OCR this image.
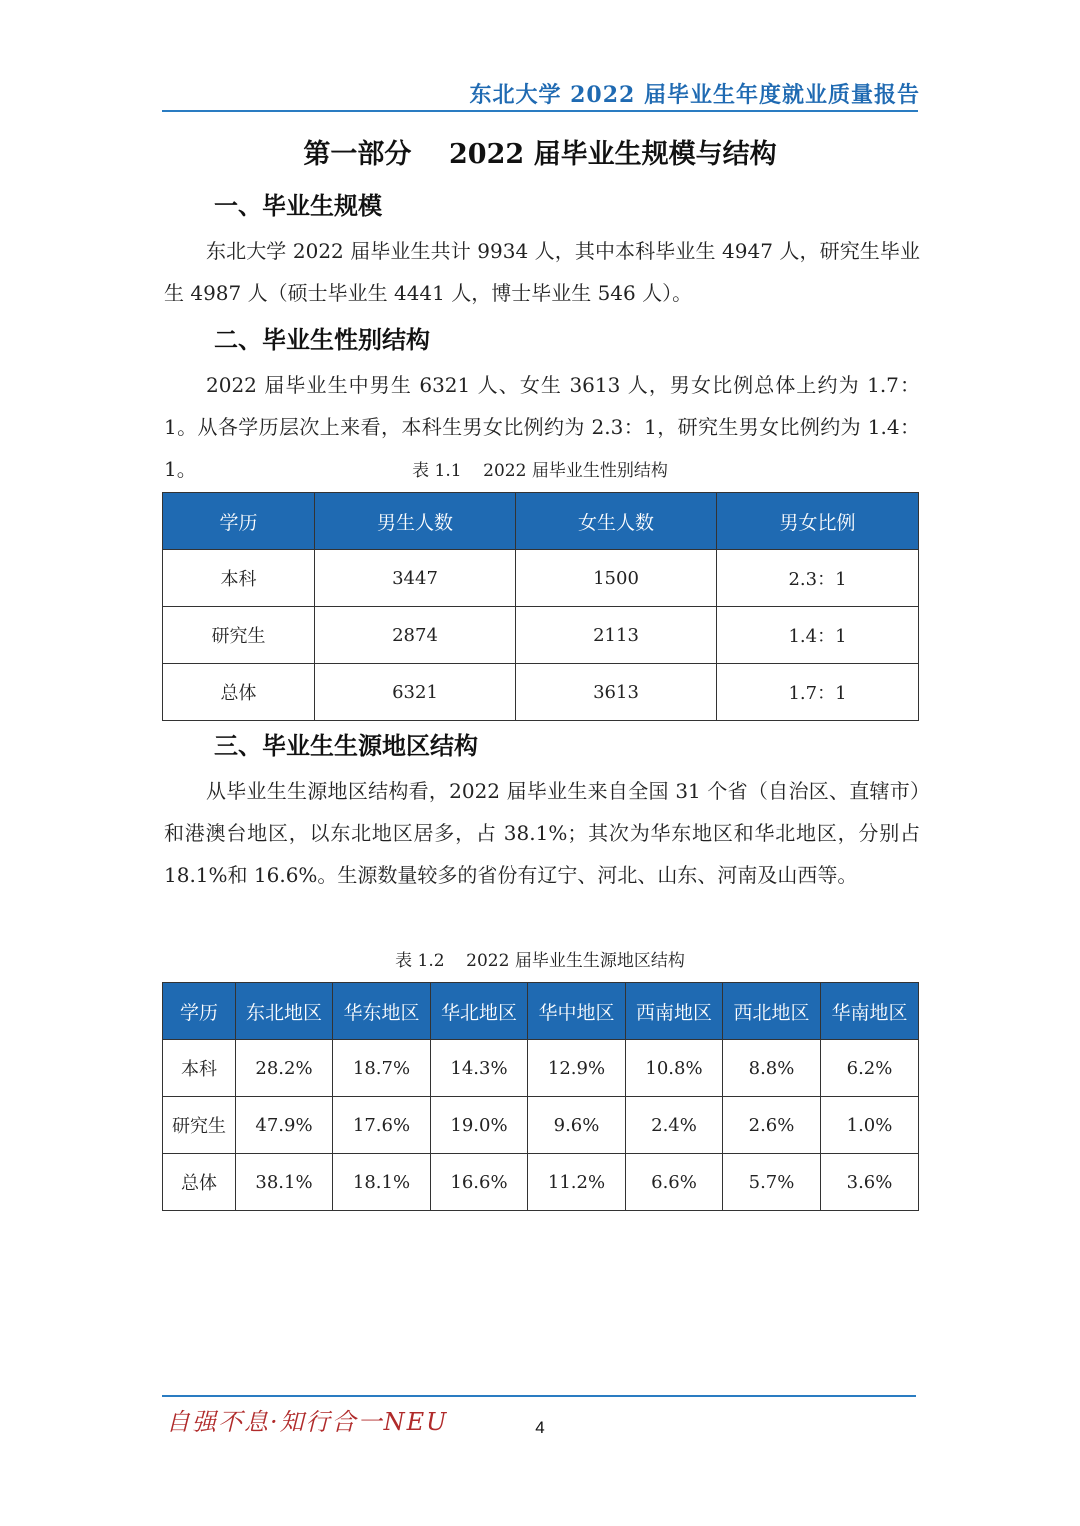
东北大学 2022 届毕业生年度就业质量报告
第一部分    2022 届毕业生规模与结构
一、毕业生规模
东北大学 2022 届毕业生共计 9934 人，其中本科毕业生 4947 人，研究生毕业生 4987 人（硕士毕业生 4441 人，博士毕业生 546 人）。
二、毕业生性别结构
2022 届毕业生中男生 6321 人、女生 3613 人，男女比例总体上约为 1.7：1。从各学历层次上来看，本科生男女比例约为 2.3：1，研究生男女比例约为 1.4：1。	表 1.1    2022 届毕业生性别结构
学历	男生人数	女生人数	男女比例
本科	3447	1500	2.3：1
研究生	2874	2113	1.4：1
总体	6321	3613	1.7：1
三、毕业生生源地区结构
从毕业生生源地区结构看，2022 届毕业生来自全国 31 个省（自治区、直辖市）和港澳台地区，以东北地区居多，占 38.1%；其次为华东地区和华北地区，分别占 18.1%和 16.6%。生源数量较多的省份有辽宁、河北、山东、河南及山西等。
表 1.2    2022 届毕业生生源地区结构
学历	东北地区	华东地区	华北地区	华中地区	西南地区	西北地区	华南地区
本科	28.2%	18.7%	14.3%	12.9%	10.8%	8.8%	6.2%
研究生	47.9%	17.6%	19.0%	9.6%	2.4%	2.6%	1.0%
总体	38.1%	18.1%	16.6%	11.2%	6.6%	5.7%	3.6%
自强不息·知行合一NEU	4
